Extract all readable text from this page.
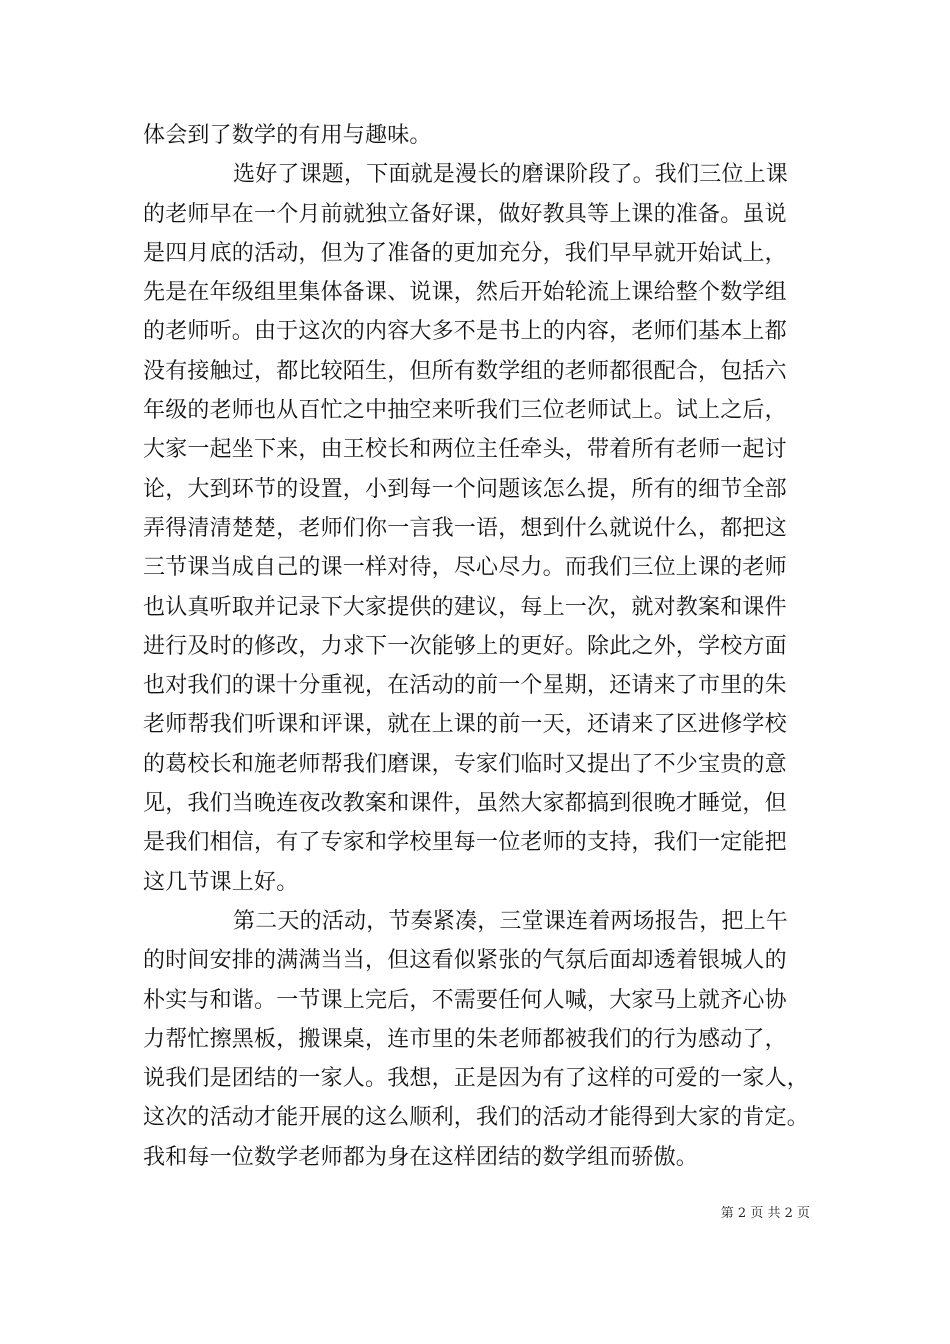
体会到了数学的有用与趣味。
选好了课题，下面就是漫长的磨课阶段了。我们三位上课
的老师早在一个月前就独立备好课，做好教具等上课的准备。虽说
是四月底的活动，但为了准备的更加充分，我们早早就开始试上，
先是在年级组里集体备课、说课，然后开始轮流上课给整个数学组
的老师听。由于这次的内容大多不是书上的内容，老师们基本上都
没有接触过，都比较陌生，但所有数学组的老师都很配合，包括六
年级的老师也从百忙之中抽空来听我们三位老师试上。试上之后，
大家一起坐下来，由王校长和两位主任牵头，带着所有老师一起讨
论，大到环节的设置，小到每一个问题该怎么提，所有的细节全部
弄得清清楚楚，老师们你一言我一语，想到什么就说什么，都把这
三节课当成自己的课一样对待，尽心尽力。而我们三位上课的老师
也认真听取并记录下大家提供的建议，每上一次，就对教案和课件
进行及时的修改，力求下一次能够上的更好。除此之外，学校方面
也对我们的课十分重视，在活动的前一个星期，还请来了市里的朱
老师帮我们听课和评课，就在上课的前一天，还请来了区进修学校
的葛校长和施老师帮我们磨课，专家们临时又提出了不少宝贵的意
见，我们当晚连夜改教案和课件，虽然大家都搞到很晚才睡觉，但
是我们相信，有了专家和学校里每一位老师的支持，我们一定能把
这几节课上好。
第二天的活动，节奏紧凑，三堂课连着两场报告，把上午
的时间安排的满满当当，但这看似紧张的气氛后面却透着银城人的
朴实与和谐。一节课上完后，不需要任何人喊，大家马上就齐心协
力帮忙擦黑板，搬课桌，连市里的朱老师都被我们的行为感动了，
说我们是团结的一家人。我想，正是因为有了这样的可爱的一家人，
这次的活动才能开展的这么顺利，我们的活动才能得到大家的肯定。
我和每一位数学老师都为身在这样团结的数学组而骄傲。
第 2 页 共 2 页
